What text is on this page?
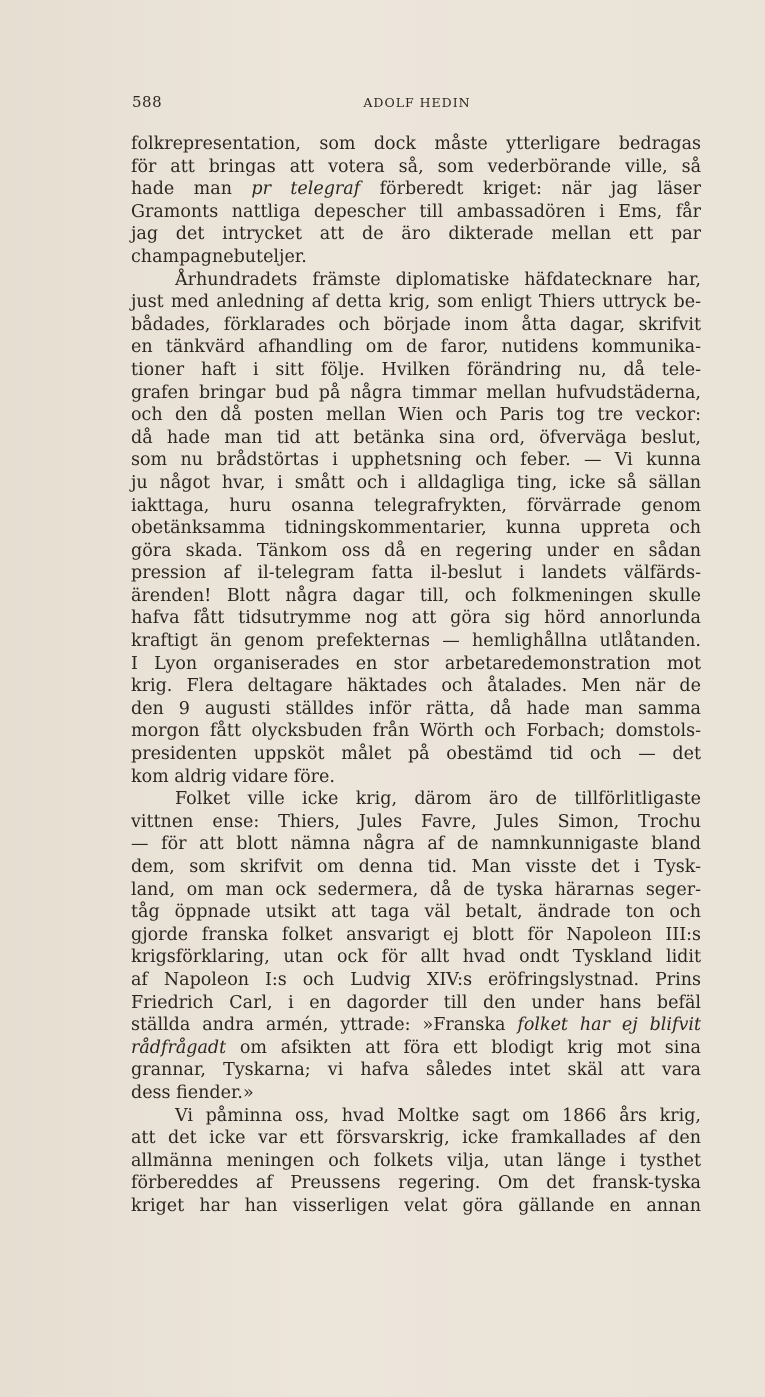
588	ADOLF HEDIN
folkrepresentation, som dock måste ytterligare bedragas
för att bringas att votera så, som vederbörande ville, så
hade man pr telegraf förberedt kriget: när jag läser
Gramonts nattliga depescher till ambassadören i Ems, får
jag det intrycket att de äro dikterade mellan ett par
champagnebuteljer.
Århundradets främste diplomatiske häfdatecknare har,
just med anledning af detta krig, som enligt Thiers uttryck be-
bådades, förklarades och började inom åtta dagar, skrifvit
en tänkvärd afhandling om de faror, nutidens kommunika-
tioner haft i sitt följe. Hvilken förändring nu, då tele-
grafen bringar bud på några timmar mellan hufvudstäderna,
och den då posten mellan Wien och Paris tog tre veckor:
då hade man tid att betänka sina ord, öfverväga beslut,
som nu brådstörtas i upphetsning och feber. — Vi kunna
ju något hvar, i smått och i alldagliga ting, icke så sällan
iakttaga, huru osanna telegrafrykten, förvärrade genom
obetänksamma tidningskommentarier, kunna uppreta och
göra skada. Tänkom oss då en regering under en sådan
pression af il-telegram fatta il-beslut i landets välfärds-
ärenden! Blott några dagar till, och folkmeningen skulle
hafva fått tidsutrymme nog att göra sig hörd annorlunda
kraftigt än genom prefekternas — hemlighållna utlåtanden.
I Lyon organiserades en stor arbetaredemonstration mot
krig. Flera deltagare häktades och åtalades. Men när de
den 9 augusti ställdes inför rätta, då hade man samma
morgon fått olycksbuden från Wörth och Forbach; domstols-
presidenten uppsköt målet på obestämd tid och — det
kom aldrig vidare före.
Folket ville icke krig, därom äro de tillförlitligaste
vittnen ense: Thiers, Jules Favre, Jules Simon, Trochu
— för att blott nämna några af de namnkunnigaste bland
dem, som skrifvit om denna tid. Man visste det i Tysk-
land, om man ock sedermera, då de tyska härarnas seger-
tåg öppnade utsikt att taga väl betalt, ändrade ton och
gjorde franska folket ansvarigt ej blott för Napoleon III:s
krigsförklaring, utan ock för allt hvad ondt Tyskland lidit
af Napoleon I:s och Ludvig XIV:s eröfringslystnad. Prins
Friedrich Carl, i en dagorder till den under hans befäl
ställda andra armén, yttrade: »Franska folket har ej blifvit
rådfrågadt om afsikten att föra ett blodigt krig mot sina
grannar, Tyskarna; vi hafva således intet skäl att vara
dess fiender.»
Vi påminna oss, hvad Moltke sagt om 1866 års krig,
att det icke var ett försvarskrig, icke framkallades af den
allmänna meningen och folkets vilja, utan länge i tysthet
förbereddes af Preussens regering. Om det fransk-tyska
kriget har han visserligen velat göra gällande en annan
